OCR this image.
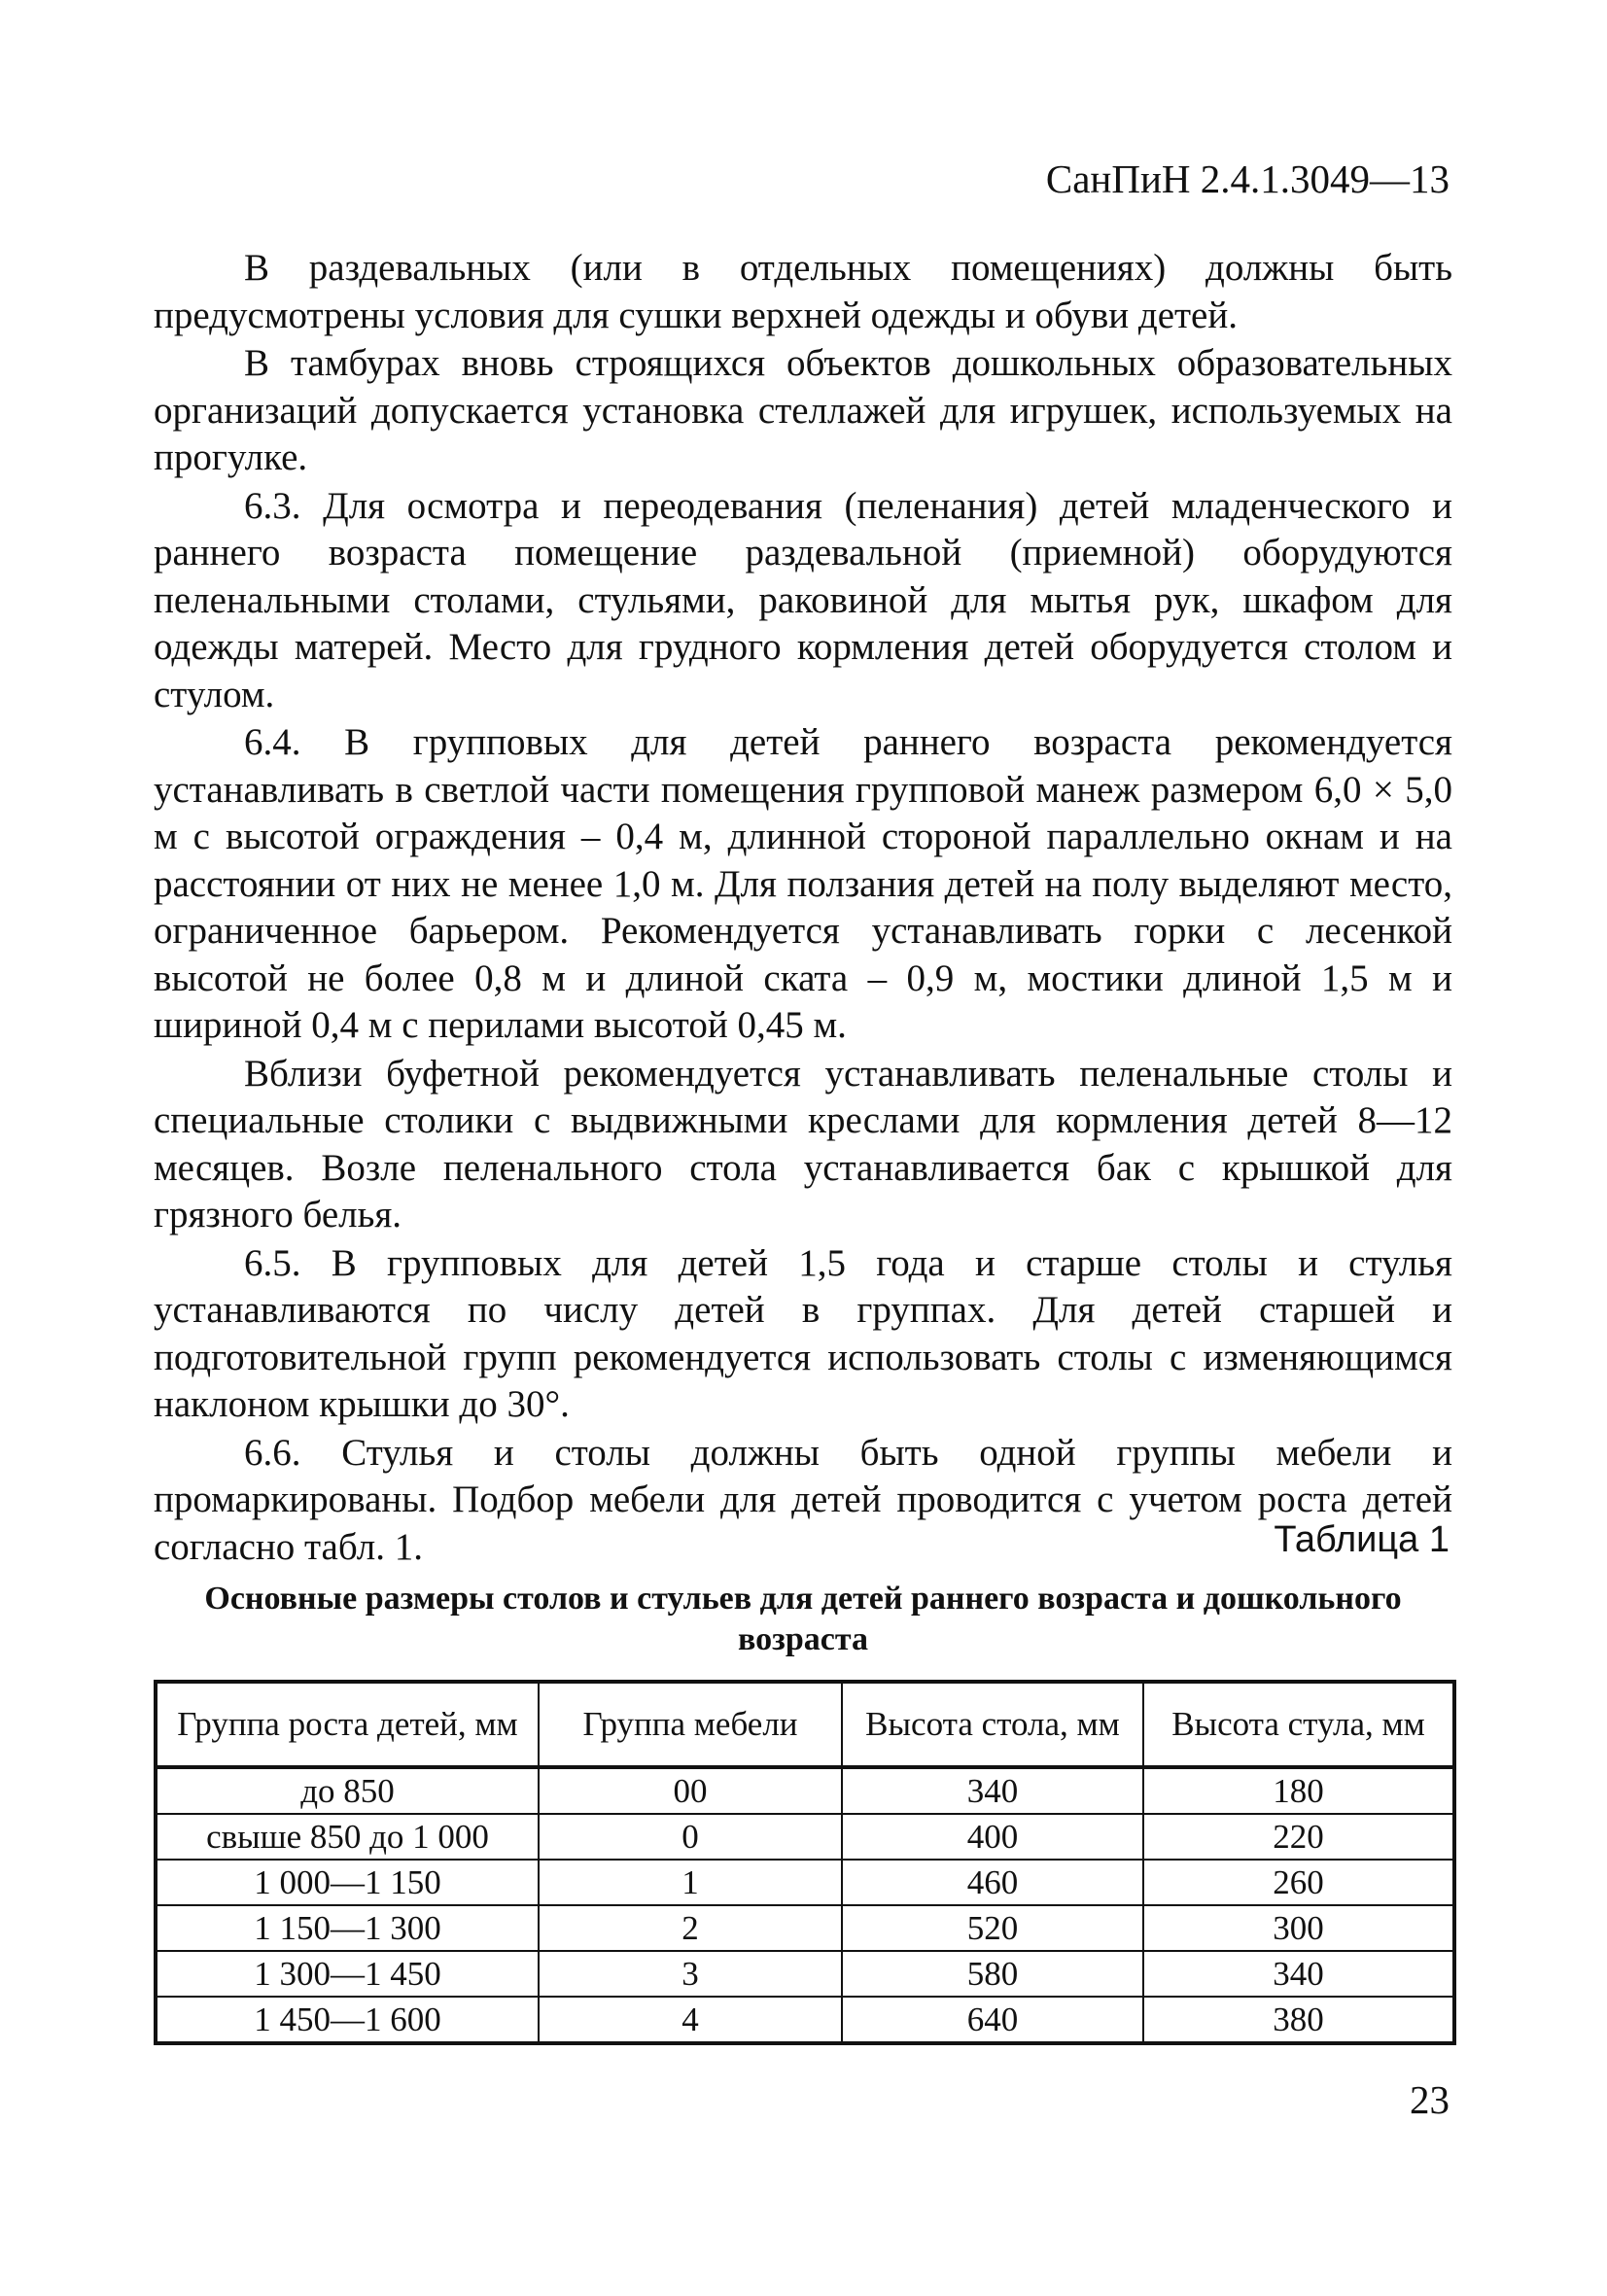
СанПиН 2.4.1.3049—13

В раздевальных (или в отдельных помещениях) должны быть предусмотрены условия для сушки верхней одежды и обуви детей.

В тамбурах вновь строящихся объектов дошкольных образовательных организаций допускается установка стеллажей для игрушек, используемых на прогулке.

6.3. Для осмотра и переодевания (пеленания) детей младенческого и раннего возраста помещение раздевальной (приемной) оборудуются пеленальными столами, стульями, раковиной для мытья рук, шкафом для одежды матерей. Место для грудного кормления детей оборудуется столом и стулом.

6.4. В групповых для детей раннего возраста рекомендуется устанавливать в светлой части помещения групповой манеж размером 6,0 × 5,0 м с высотой ограждения – 0,4 м, длинной стороной параллельно окнам и на расстоянии от них не менее 1,0 м. Для ползания детей на полу выделяют место, ограниченное барьером. Рекомендуется устанавливать горки с лесенкой высотой не более 0,8 м и длиной ската – 0,9 м, мостики длиной 1,5 м и шириной 0,4 м с перилами высотой 0,45 м.

Вблизи буфетной рекомендуется устанавливать пеленальные столы и специальные столики с выдвижными креслами для кормления детей 8—12 месяцев. Возле пеленального стола устанавливается бак с крышкой для грязного белья.

6.5. В групповых для детей 1,5 года и старше столы и стулья устанавливаются по числу детей в группах. Для детей старшей и подготовительной групп рекомендуется использовать столы с изменяющимся наклоном крышки до 30°.

6.6. Стулья и столы должны быть одной группы мебели и промаркированы. Подбор мебели для детей проводится с учетом роста детей согласно табл. 1.	Таблица 1
Основные размеры столов и стульев для детей раннего возраста и дошкольного возраста
Группа роста детей, мм	Группа мебели	Высота стола, мм	Высота стула, мм
до 850	00	340	180
свыше 850 до 1 000	0	400	220
1 000—1 150	1	460	260
1 150—1 300	2	520	300
1 300—1 450	3	580	340
1 450—1 600	4	640	380
23
